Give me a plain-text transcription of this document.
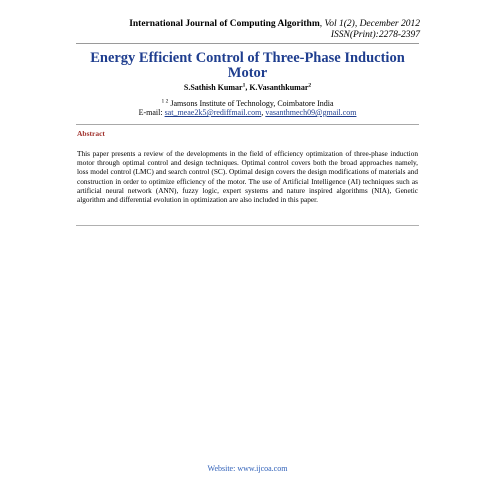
International Journal of Computing Algorithm, Vol 1(2), December 2012
ISSN(Print):2278-2397
Energy Efficient Control of Three-Phase Induction Motor
S.Sathish Kumar$^1$, K.Vasanthkumar$^2$
$^{1 2}$ Jamsons Institute of Technology, Coimbatore India
E-mail: sat_meae2k5@rediffmail.com, vasanthmech09@gmail.com
Abstract
This paper presents a review of the developments in the field of efficiency optimization of three-phase induction motor through optimal control and design techniques. Optimal control covers both the broad approaches namely, loss model control (LMC) and search control (SC). Optimal design covers the design modifications of materials and construction in order to optimize efficiency of the motor. The use of Artificial Intelligence (AI) techniques such as artificial neural network (ANN), fuzzy logic, expert systems and nature inspired algorithms (NIA), Genetic algorithm and differential evolution in optimization are also included in this paper.
Website: www.ijcoa.com
